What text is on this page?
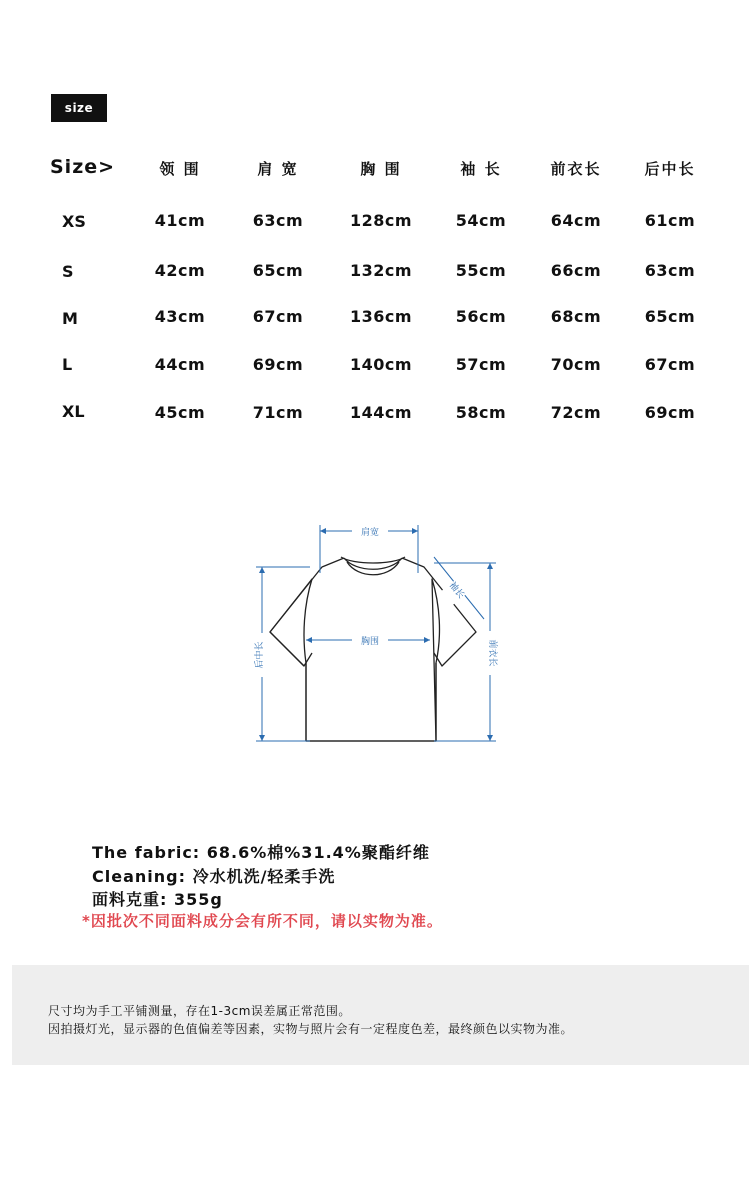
size
Size>	领 围	肩 宽	胸 围	袖 长	前衣长	后中长
XS	41cm	63cm	128cm	54cm	64cm	61cm
S	42cm	65cm	132cm	55cm	66cm	63cm
M	43cm	67cm	136cm	56cm	68cm	65cm
L	44cm	69cm	140cm	57cm	70cm	67cm
XL	45cm	71cm	144cm	58cm	72cm	69cm
肩宽
胸围
袖长
后中长	前衣长
The fabric: 68.6%棉%31.4%聚酯纤维
Cleaning: 冷水机洗/轻柔手洗
面料克重: 355g
*因批次不同面料成分会有所不同，请以实物为准。
尺寸均为手工平铺测量，存在1-3cm误差属正常范围。
因拍摄灯光，显示器的色值偏差等因素，实物与照片会有一定程度色差，最终颜色以实物为准。
